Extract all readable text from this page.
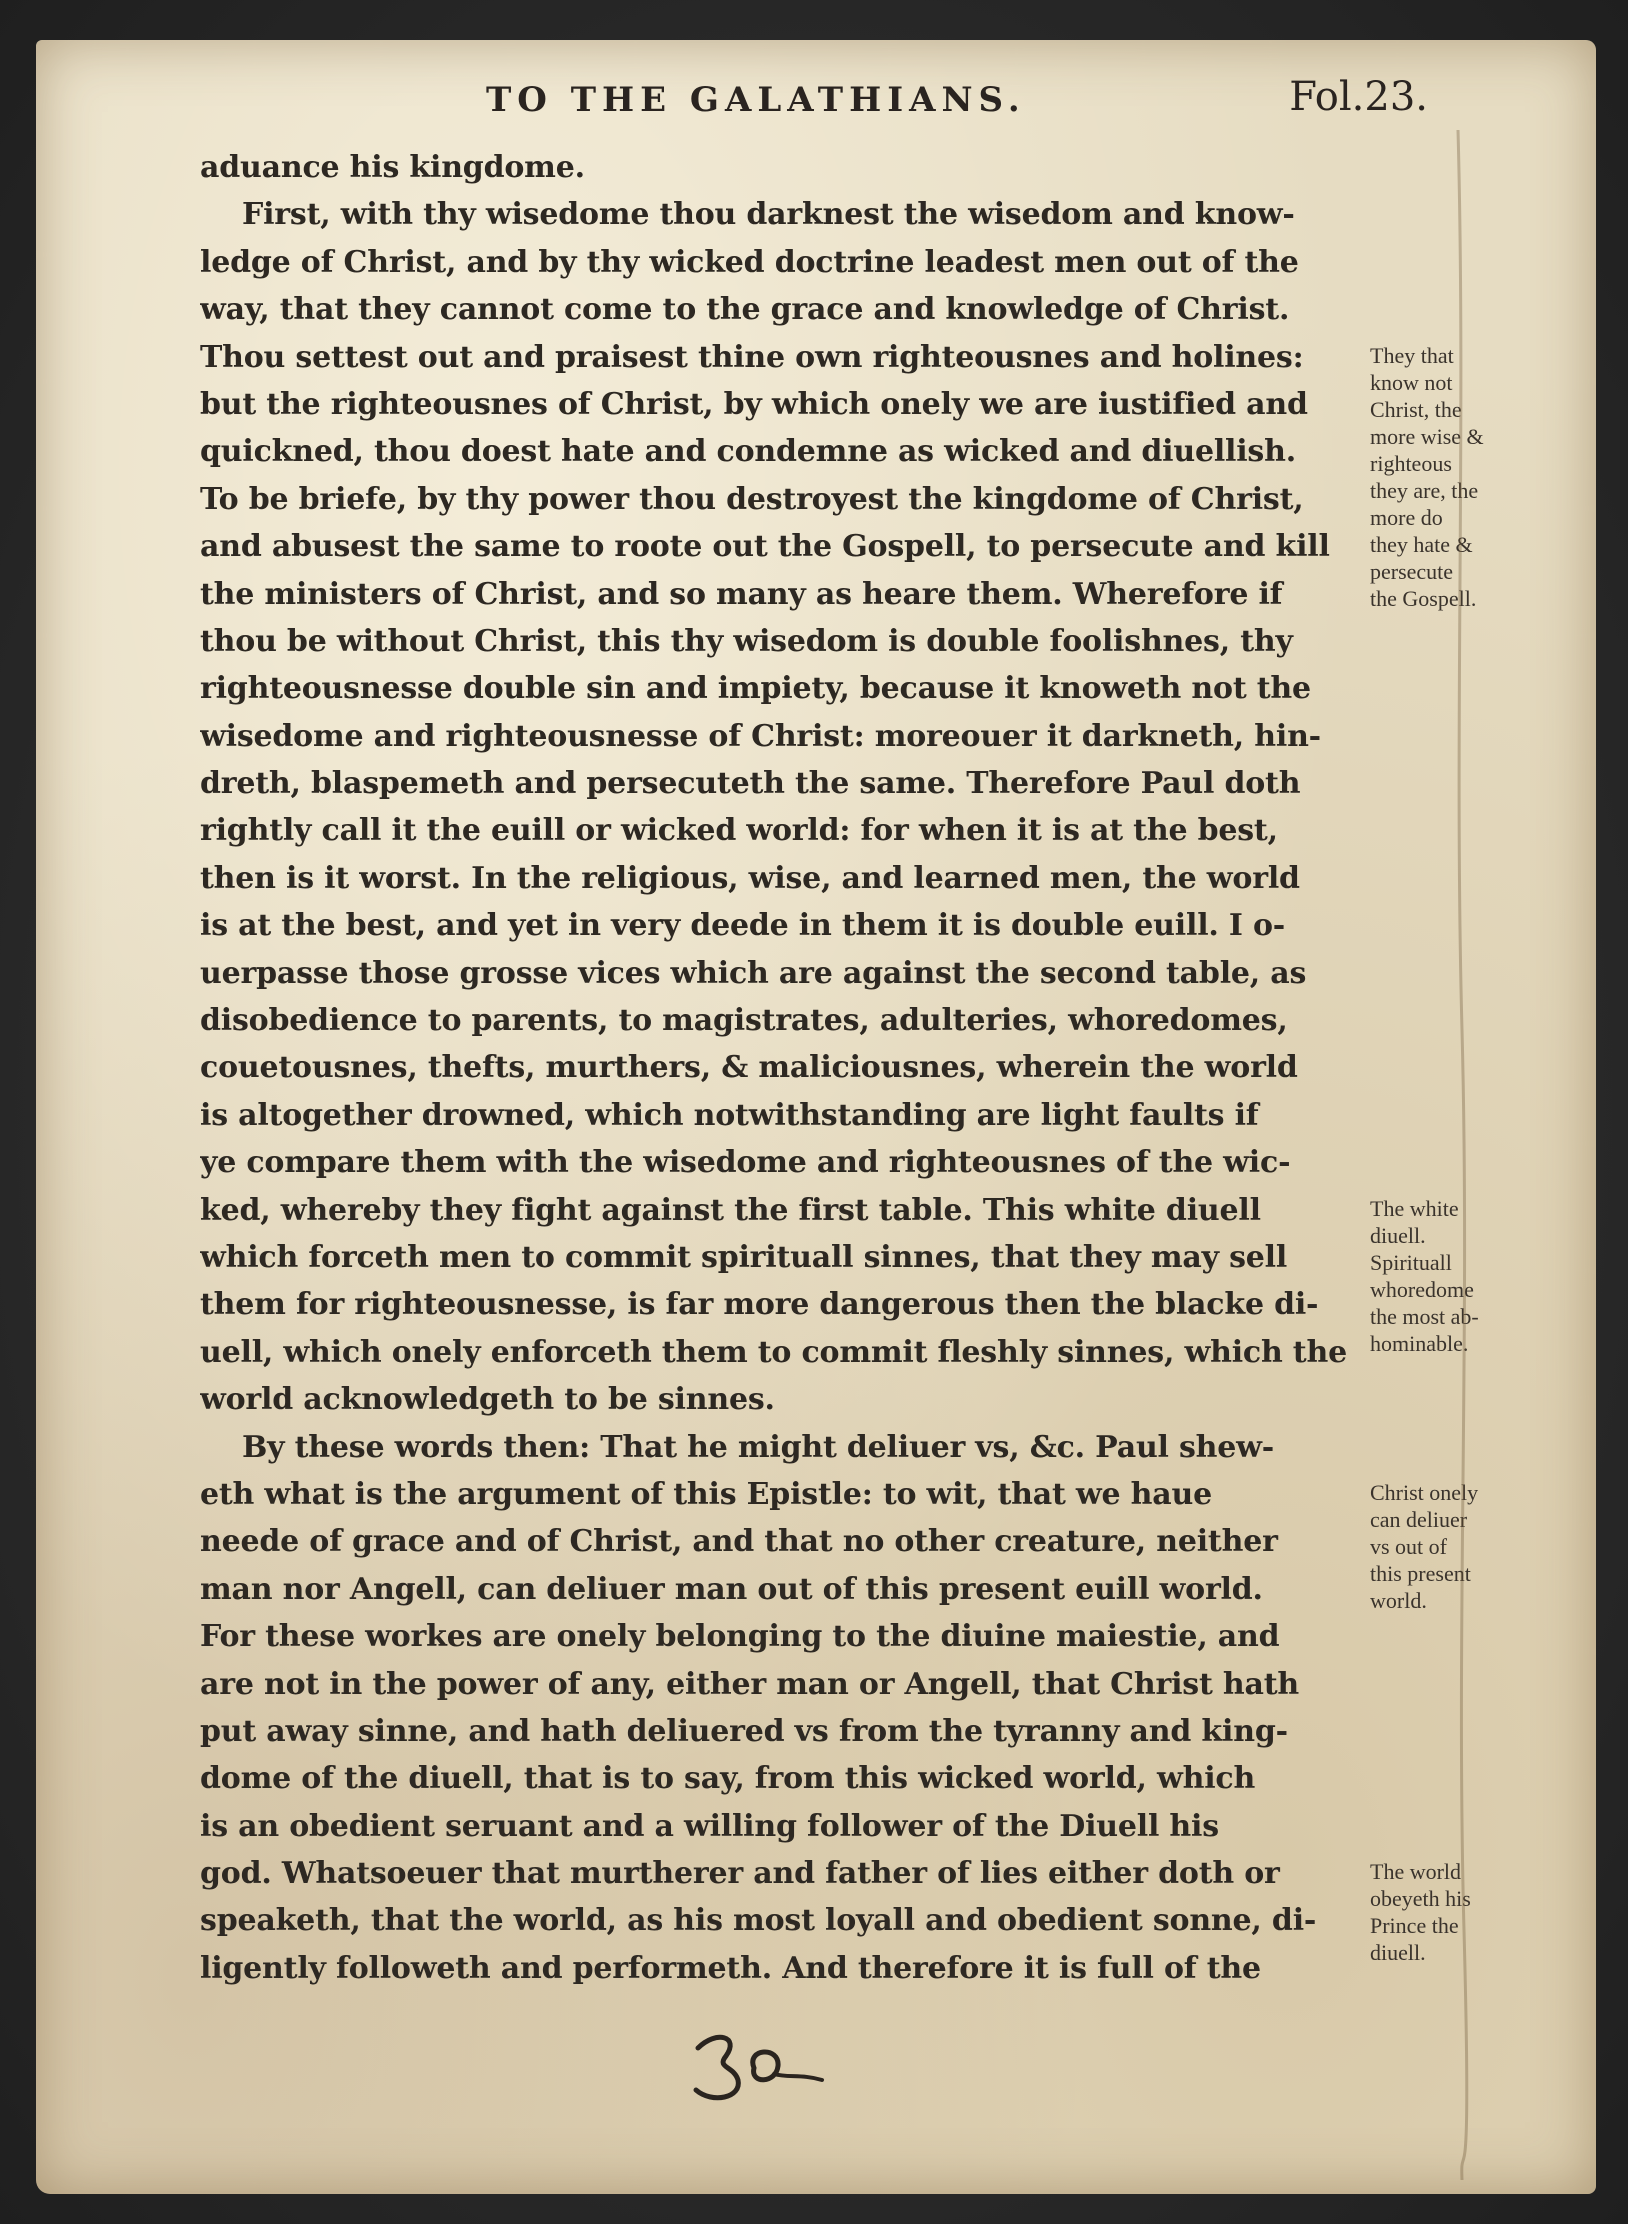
TO THE GALATHIANS.	Fol.23.
aduance his kingdome.
First, with thy wisedome thou darknest the wisedom and know-
ledge of Christ, and by thy wicked doctrine leadest men out of the
way, that they cannot come to the grace and knowledge of Christ.
Thou settest out and praisest thine own righteousnes and holines:
but the righteousnes of Christ, by which onely we are iustified and
quickned, thou doest hate and condemne as wicked and diuellish.
To be briefe, by thy power thou destroyest the kingdome of Christ,
and abusest the same to roote out the Gospell, to persecute and kill
the ministers of Christ, and so many as heare them. Wherefore if
thou be without Christ, this thy wisedom is double foolishnes, thy
righteousnesse double sin and impiety, because it knoweth not the
wisedome and righteousnesse of Christ: moreouer it darkneth, hin-
dreth, blaspemeth and persecuteth the same. Therefore Paul doth
rightly call it the euill or wicked world: for when it is at the best,
then is it worst. In the religious, wise, and learned men, the world
is at the best, and yet in very deede in them it is double euill. I o-
uerpasse those grosse vices which are against the second table, as
disobedience to parents, to magistrates, adulteries, whoredomes,
couetousnes, thefts, murthers, & maliciousnes, wherein the world
is altogether drowned, which notwithstanding are light faults if
ye compare them with the wisedome and righteousnes of the wic-
ked, whereby they fight against the first table. This white diuell
which forceth men to commit spirituall sinnes, that they may sell
them for righteousnesse, is far more dangerous then the blacke di-
uell, which onely enforceth them to commit fleshly sinnes, which the
world acknowledgeth to be sinnes.
By these words then: That he might deliuer vs, &c. Paul shew-
eth what is the argument of this Epistle: to wit, that we haue
neede of grace and of Christ, and that no other creature, neither
man nor Angell, can deliuer man out of this present euill world.
For these workes are onely belonging to the diuine maiestie, and
are not in the power of any, either man or Angell, that Christ hath
put away sinne, and hath deliuered vs from the tyranny and king-
dome of the diuell, that is to say, from this wicked world, which
is an obedient seruant and a willing follower of the Diuell his
god. Whatsoeuer that murtherer and father of lies either doth or
speaketh, that the world, as his most loyall and obedient sonne, di-
ligently followeth and performeth. And therefore it is full of the
They that
know not
Christ, the
more wise &
righteous
they are, the
more do
they hate &
persecute
the Gospell.
The white
diuell.
Spirituall
whoredome
the most ab-
hominable.
Christ onely
can deliuer
vs out of
this present
world.
The world
obeyeth his
Prince the
diuell.
